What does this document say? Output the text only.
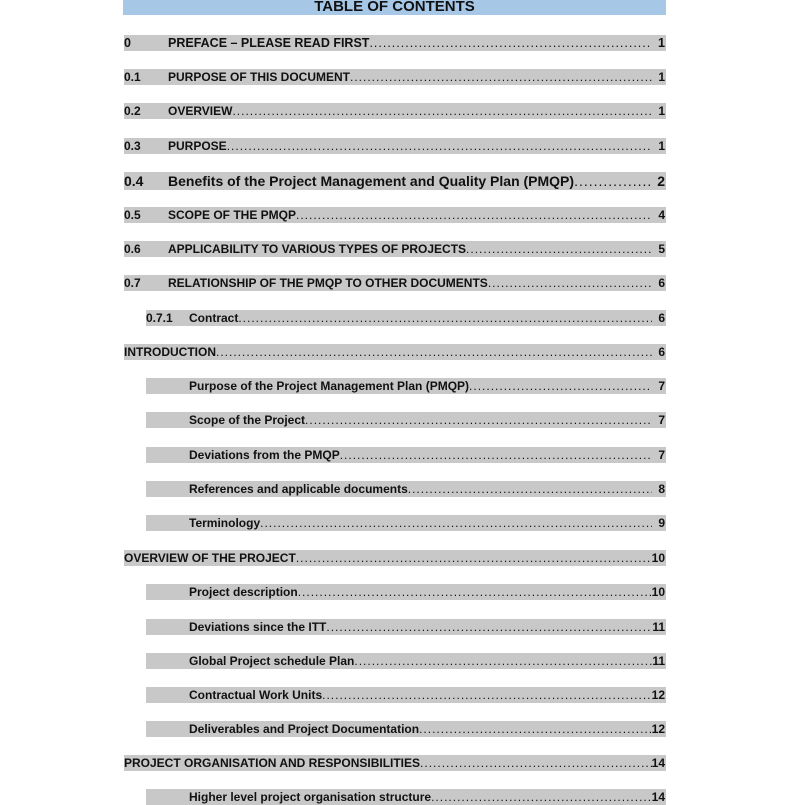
TABLE OF CONTENTS
0	PREFACE – PLEASE READ FIRST .....	1
0.1 PURPOSE OF THIS DOCUMENT .....	1
0.2 OVERVIEW .....	1
0.3 PURPOSE .....	1
0.4 Benefits of the Project Management and Quality Plan (PMQP) .....	2
0.5 SCOPE OF THE PMQP .....	4
0.6 APPLICABILITY TO VARIOUS TYPES OF PROJECTS .....	5
0.7 RELATIONSHIP OF THE PMQP TO OTHER DOCUMENTS .....	6
0.7.1 Contract .....	6
INTRODUCTION .....	6
Purpose of the Project Management Plan (PMQP) .....	7
Scope of the Project .....	7
Deviations from the PMQP .....	7
References and applicable documents .....	8
Terminology .....	9
OVERVIEW OF THE PROJECT .....	10
Project description .....	10
Deviations since the ITT .....	11
Global Project schedule Plan .....	11
Contractual Work Units .....	12
Deliverables and Project Documentation .....	12
PROJECT ORGANISATION AND RESPONSIBILITIES .....	14
Higher level project organisation structure .....	14
